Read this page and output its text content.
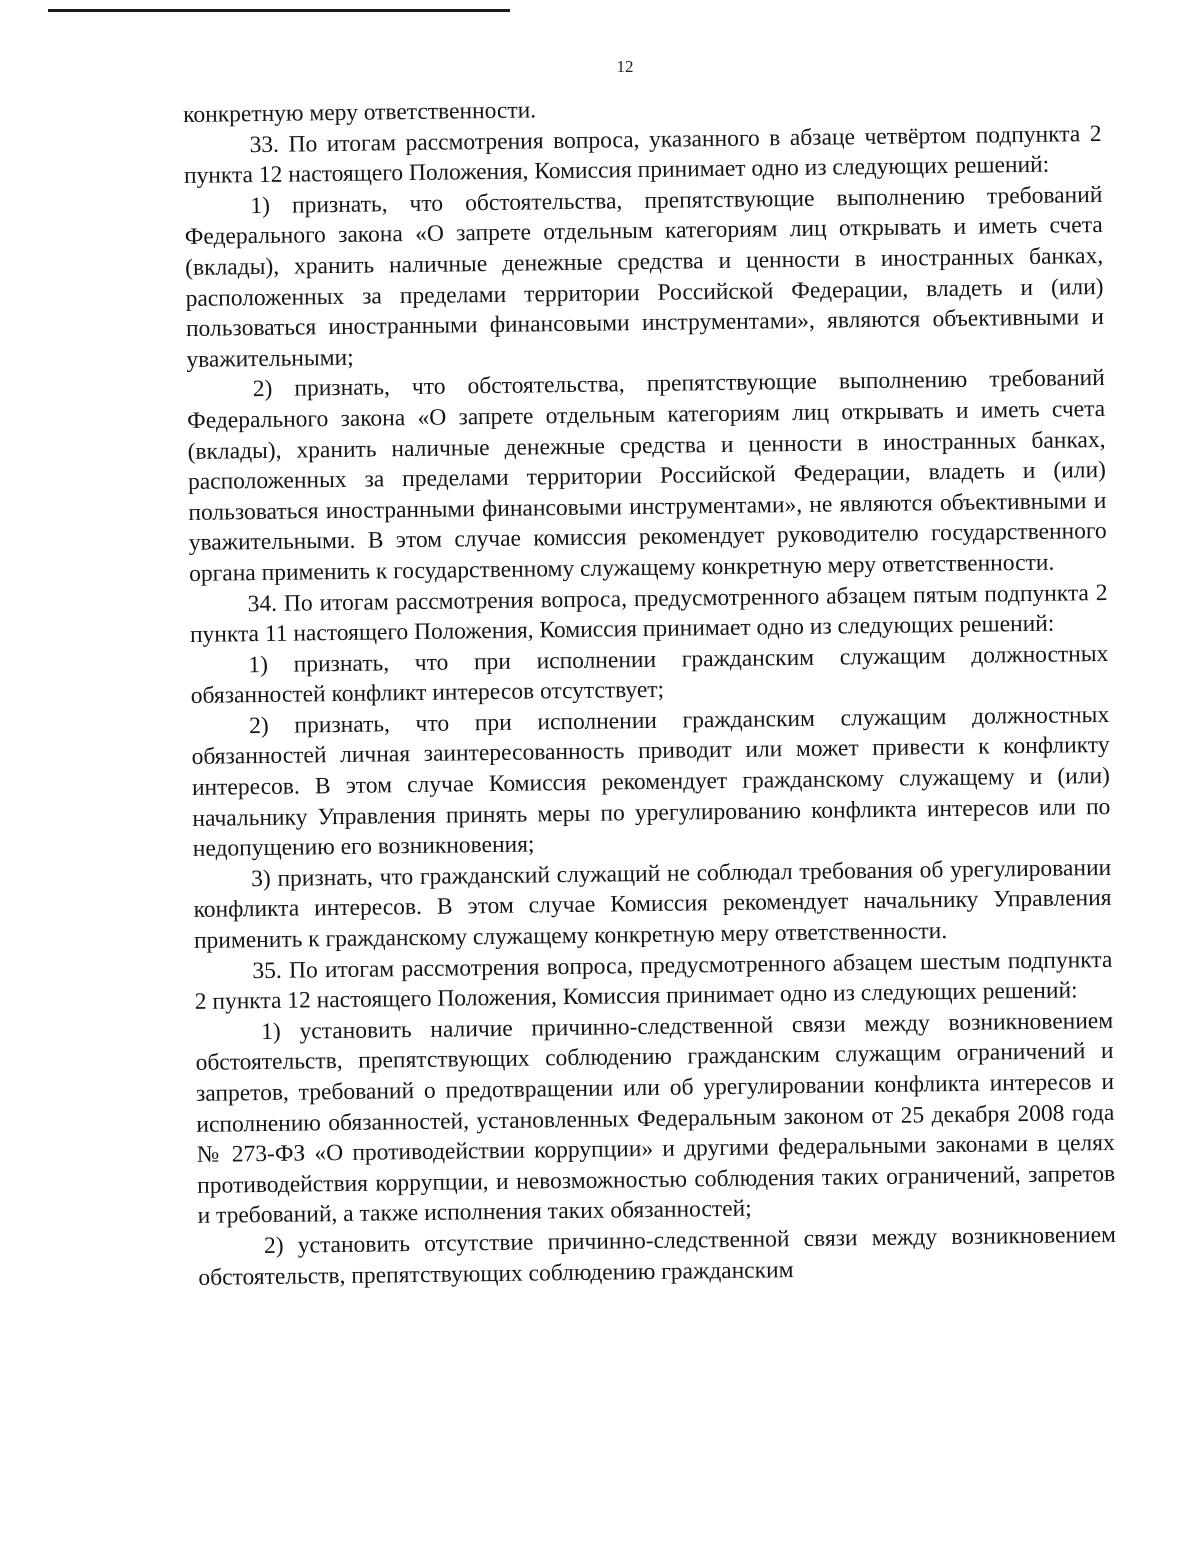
12

конкретную меру ответственности.

33. По итогам рассмотрения вопроса, указанного в абзаце четвёртом подпункта 2 пункта 12 настоящего Положения, Комиссия принимает одно из следующих решений:

1) признать, что обстоятельства, препятствующие выполнению требований Федерального закона «О запрете отдельным категориям лиц открывать и иметь счета (вклады), хранить наличные денежные средства и ценности в иностранных банках, расположенных за пределами территории Российской Федерации, владеть и (или) пользоваться иностранными финансовыми инструментами», являются объективными и уважительными;

2) признать, что обстоятельства, препятствующие выполнению требований Федерального закона «О запрете отдельным категориям лиц открывать и иметь счета (вклады), хранить наличные денежные средства и ценности в иностранных банках, расположенных за пределами территории Российской Федерации, владеть и (или) пользоваться иностранными финансовыми инструментами», не являются объективными и уважительными. В этом случае комиссия рекомендует руководителю государственного органа применить к государственному служащему конкретную меру ответственности.

34. По итогам рассмотрения вопроса, предусмотренного абзацем пятым подпункта 2 пункта 11 настоящего Положения, Комиссия принимает одно из следующих решений:

1) признать, что при исполнении гражданским служащим должностных обязанностей конфликт интересов отсутствует;

2) признать, что при исполнении гражданским служащим должностных обязанностей личная заинтересованность приводит или может привести к конфликту интересов. В этом случае Комиссия рекомендует гражданскому служащему и (или) начальнику Управления принять меры по урегулированию конфликта интересов или по недопущению его возникновения;

3) признать, что гражданский служащий не соблюдал требования об урегулировании конфликта интересов. В этом случае Комиссия рекомендует начальнику Управления применить к гражданскому служащему конкретную меру ответственности.

35. По итогам рассмотрения вопроса, предусмотренного абзацем шестым подпункта 2 пункта 12 настоящего Положения, Комиссия принимает одно из следующих решений:

1) установить наличие причинно-следственной связи между возникновением обстоятельств, препятствующих соблюдению гражданским служащим ограничений и запретов, требований о предотвращении или об урегулировании конфликта интересов и исполнению обязанностей, установленных Федеральным законом от 25 декабря 2008 года № 273-ФЗ «О противодействии коррупции» и другими федеральными законами в целях противодействия коррупции, и невозможностью соблюдения таких ограничений, запретов и требований, а также исполнения таких обязанностей;

2) установить отсутствие причинно-следственной связи между возникновением обстоятельств, препятствующих соблюдению гражданским
